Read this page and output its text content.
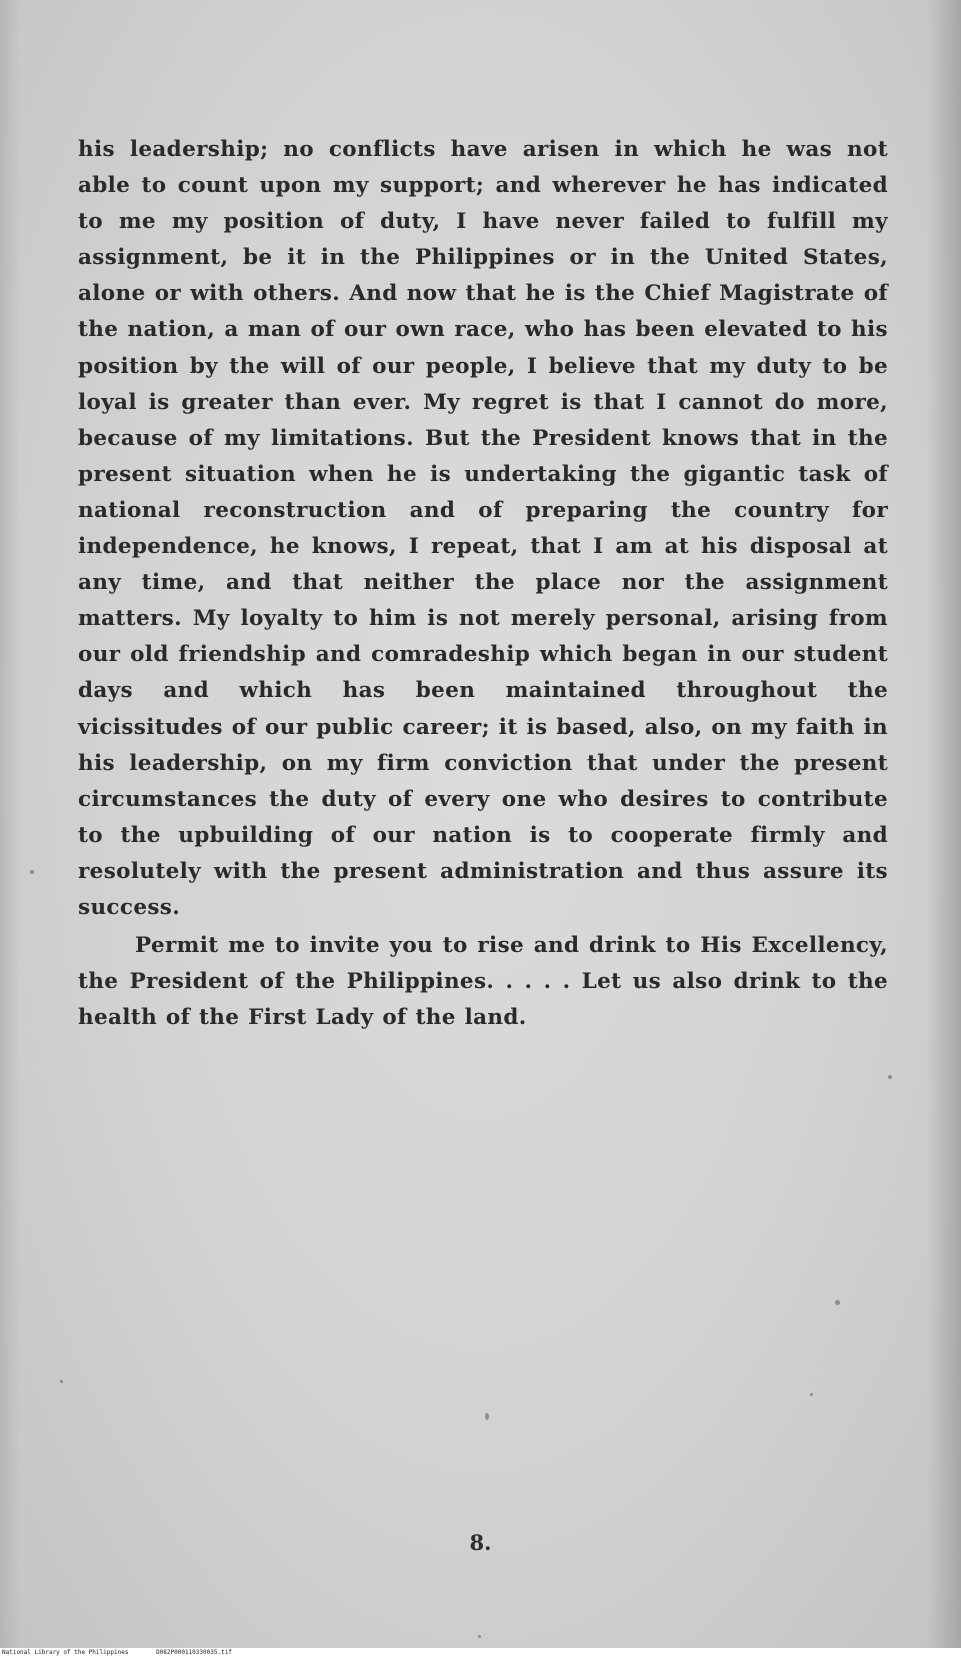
his leadership; no conflicts have arisen in which he was not able to count upon my support; and wherever he has indicated to me my position of duty, I have never failed to fulfill my assignment, be it in the Philippines or in the United States, alone or with others. And now that he is the Chief Magistrate of the nation, a man of our own race, who has been elevated to his position by the will of our people, I believe that my duty to be loyal is greater than ever. My regret is that I cannot do more, because of my limitations. But the President knows that in the present situation when he is undertaking the gigantic task of national reconstruction and of preparing the country for independence, he knows, I repeat, that I am at his disposal at any time, and that neither the place nor the assignment matters. My loyalty to him is not merely personal, arising from our old friendship and comradeship which began in our student days and which has been maintained throughout the vicissitudes of our public career; it is based, also, on my faith in his leadership, on my firm conviction that under the present circumstances the duty of every one who desires to contribute to the upbuilding of our nation is to cooperate firmly and resolutely with the present administration and thus assure its success.

Permit me to invite you to rise and drink to His Excellency, the President of the Philippines. . . . . Let us also drink to the health of the First Lady of the land.

8.
National Library of the Philippines	D082P000110330035.tif
